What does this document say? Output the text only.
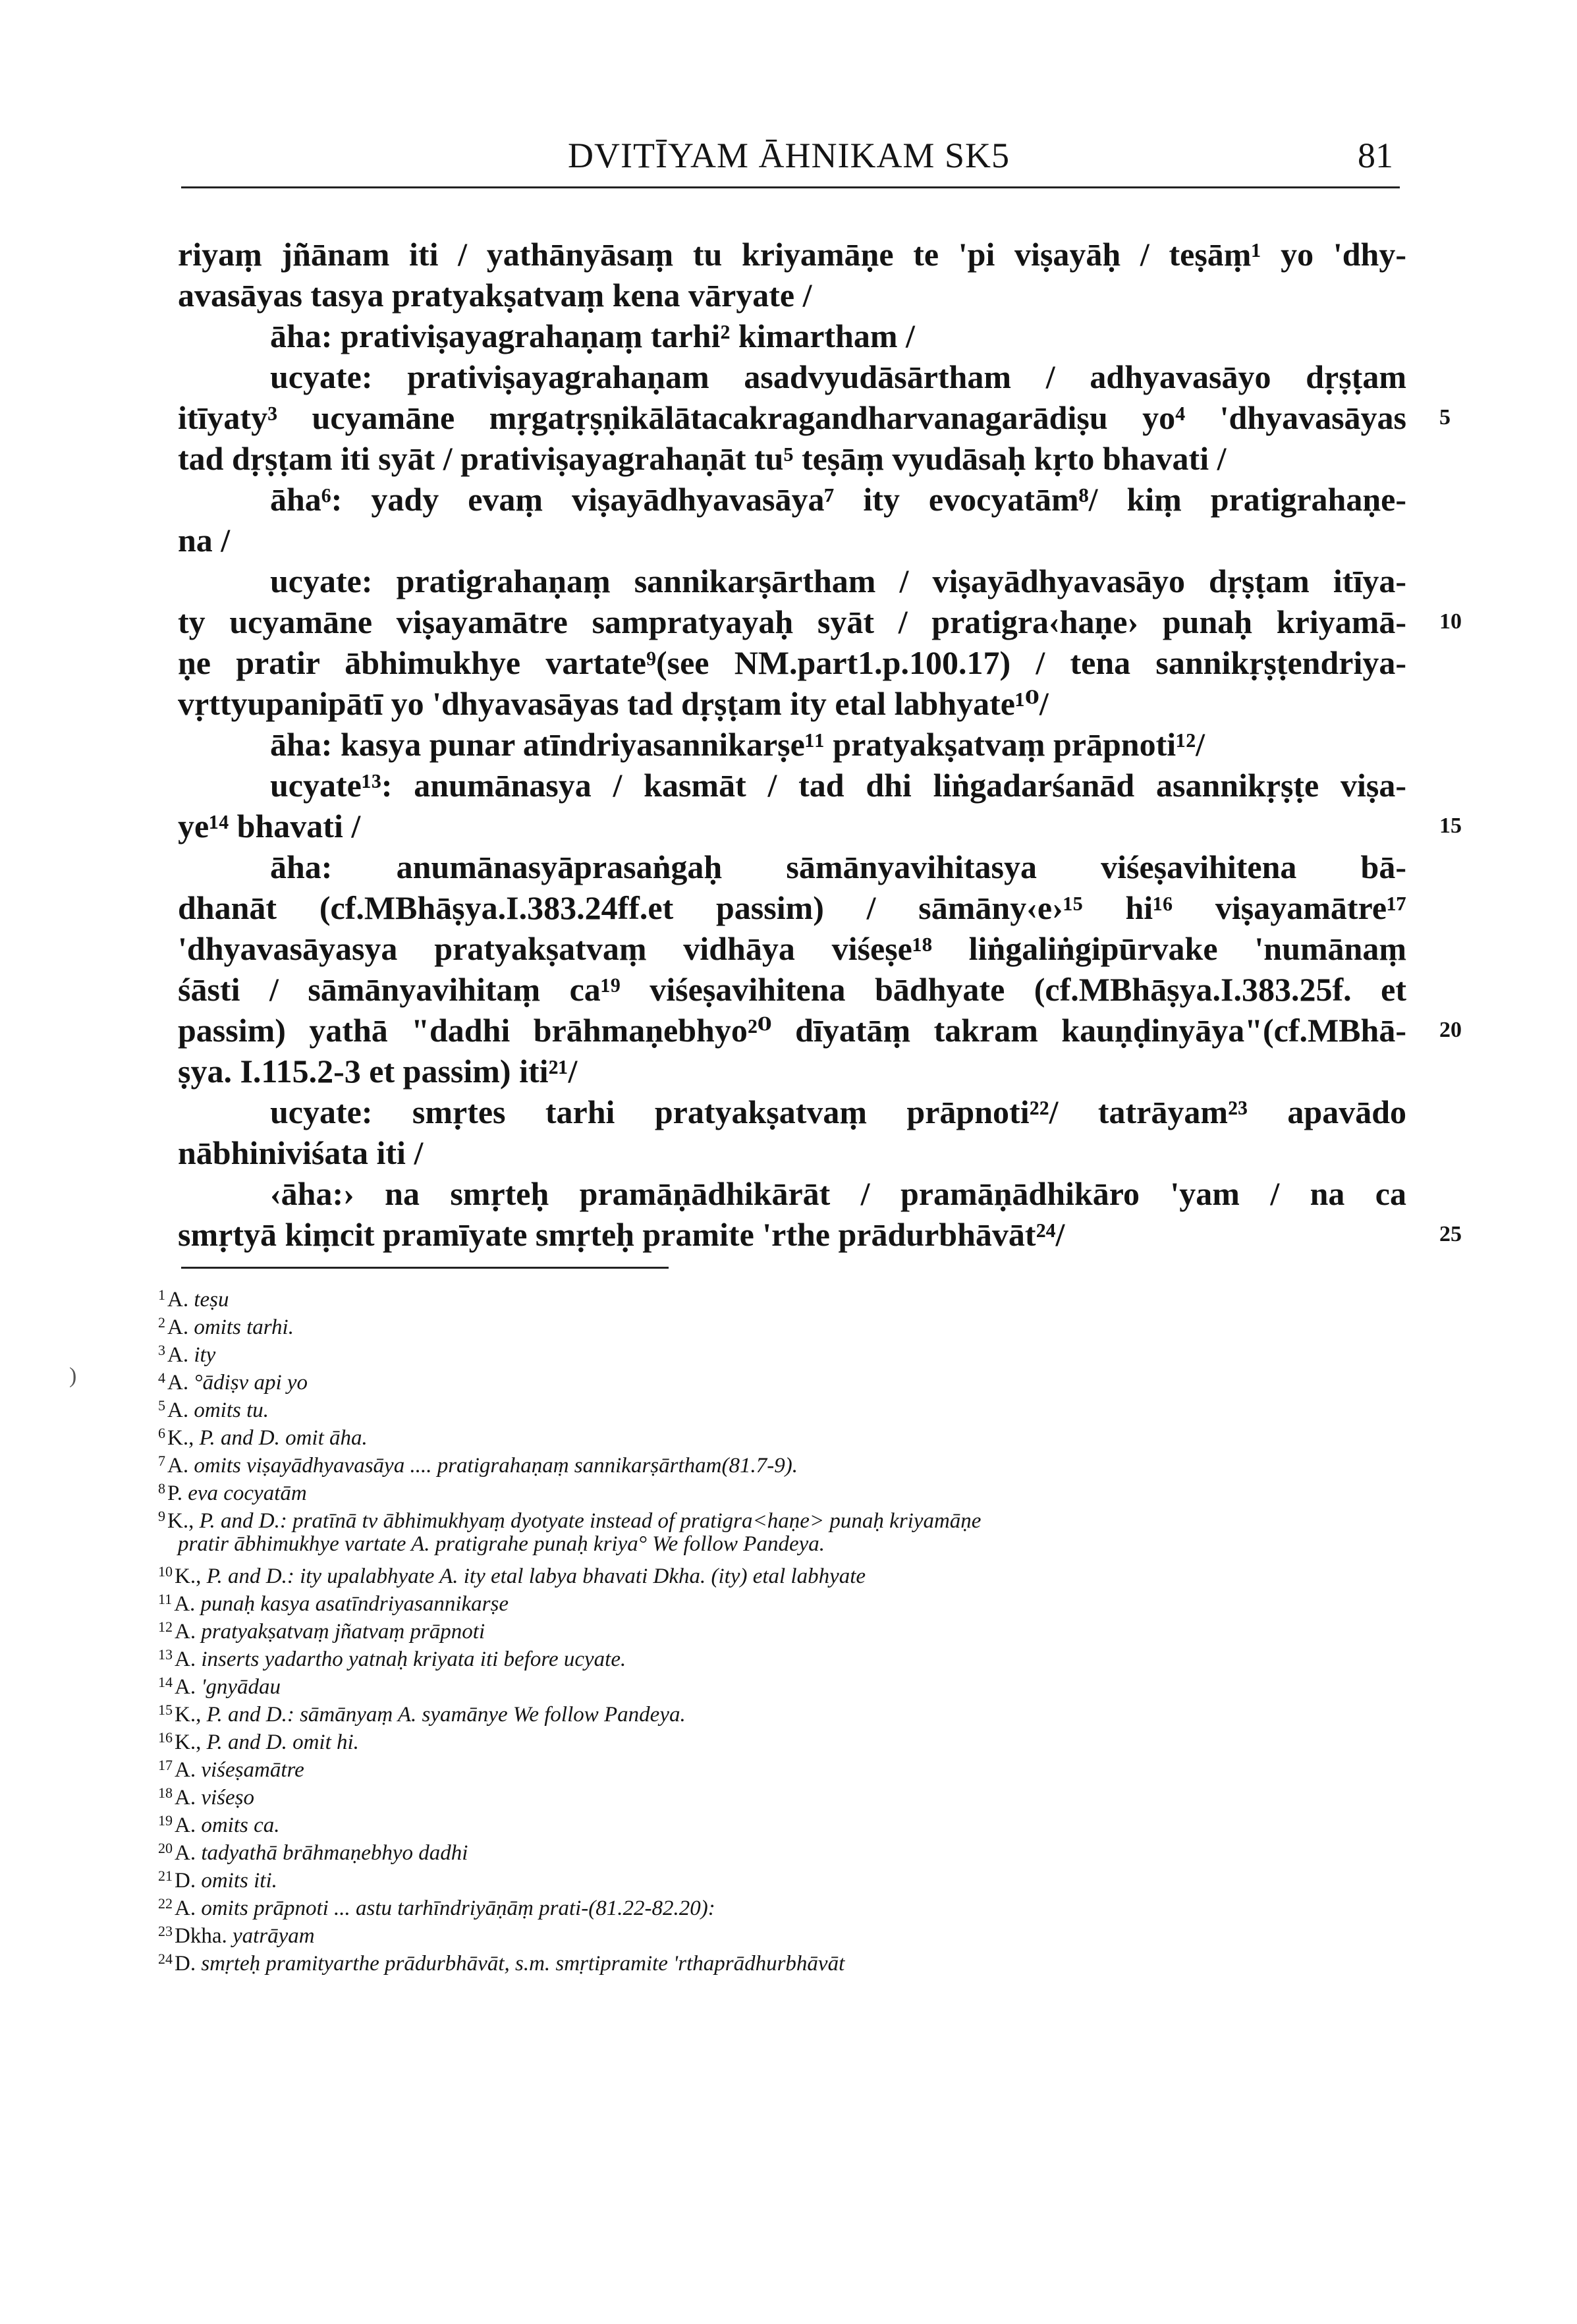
DVITĪYAM ĀHNIKAM SK5	81
riyaṃ jñānam iti / yathānyāsaṃ tu kriyamāṇe te 'pi viṣayāḥ / teṣāṃ¹ yo 'dhy-
avasāyas tasya pratyakṣatvaṃ kena vāryate /
āha: prativiṣayagrahaṇaṃ tarhi² kimartham /
ucyate: prativiṣayagrahaṇam asadvyudāsārtham / adhyavasāyo dṛṣṭam
itīyaty³ ucyamāne mṛgatṛṣṇikālātacakragandharvanagarādiṣu yo⁴ 'dhyavasāyas 5
tad dṛṣṭam iti syāt / prativiṣayagrahaṇāt tu⁵ teṣāṃ vyudāsaḥ kṛto bhavati /
āha⁶: yady evaṃ viṣayādhyavasāya⁷ ity evocyatām⁸/ kiṃ pratigrahaṇe-
na /
ucyate: pratigrahaṇaṃ sannikarṣārtham / viṣayādhyavasāyo dṛṣṭam itīya-
ty ucyamāne viṣayamātre sampratyayaḥ syāt / pratigra‹haṇe› punaḥ kriyamā- 10
ṇe pratir ābhimukhye vartate⁹(see NM.part1.p.100.17) / tena sannikṛṣṭendriya-
vṛttyupanipātī yo 'dhyavasāyas tad dṛṣṭam ity etal labhyate¹⁰/
āha: kasya punar atīndriyasannikarṣe¹¹ pratyakṣatvaṃ prāpnoti¹²/
ucyate¹³: anumānasya / kasmāt / tad dhi liṅgadarśanād asannikṛṣṭe viṣa-
ye¹⁴ bhavati /	15
āha: anumānasyāprasaṅgaḥ sāmānyavihitasya viśeṣavihitena bā-
dhanāt (cf.MBhāṣya.I.383.24ff.et passim) / sāmāny‹e›¹⁵ hi¹⁶ viṣayamātre¹⁷
'dhyavasāyasya pratyakṣatvaṃ vidhāya viśeṣe¹⁸ liṅgaliṅgipūrvake 'numānaṃ
śāsti / sāmānyavihitaṃ ca¹⁹ viśeṣavihitena bādhyate (cf.MBhāṣya.I.383.25f. et
passim) yathā "dadhi brāhmaṇebhyo²⁰ dīyatāṃ takram kauṇḍinyāya"(cf.MBhā- 20
ṣya. I.115.2-3 et passim) iti²¹/
ucyate: smṛtes tarhi pratyakṣatvaṃ prāpnoti²²/ tatrāyam²³ apavādo
nābhiniviśata iti /
‹āha:› na smṛteḥ pramāṇādhikārāt / pramāṇādhikāro 'yam / na ca
smṛtyā kiṃcit pramīyate smṛteḥ pramite 'rthe prādurbhāvāt²⁴/	25
$^1$A. teṣu
$^2$A. omits tarhi.
$^3$A. ity
$^4$A. °ādiṣv api yo
$^5$A. omits tu.
$^6$K., P. and D. omit āha.
$^7$A. omits viṣayādhyavasāya .... pratigrahaṇaṃ sannikarṣārtham(81.7-9).
$^8$P. eva cocyatām
$^9$K., P. and D.: pratīnā tv ābhimukhyaṃ dyotyate instead of pratigra<haṇe> punaḥ kriyamāṇe
pratir ābhimukhye vartate A. pratigrahe punaḥ kriya° We follow Pandeya.
$^{10}$K., P. and D.: ity upalabhyate A. ity etal labya bhavati Dkha. (ity) etal labhyate
$^{11}$A. punaḥ kasya asatīndriyasannikarṣe
$^{12}$A. pratyakṣatvaṃ jñatvaṃ prāpnoti
$^{13}$A. inserts yadartho yatnaḥ kriyata iti before ucyate.
$^{14}$A. 'gnyādau
$^{15}$K., P. and D.: sāmānyaṃ A. syamānye We follow Pandeya.
$^{16}$K., P. and D. omit hi.
$^{17}$A. viśeṣamātre
$^{18}$A. viśeṣo
$^{19}$A. omits ca.
$^{20}$A. tadyathā brāhmaṇebhyo dadhi
$^{21}$D. omits iti.
$^{22}$A. omits prāpnoti ... astu tarhīndriyāṇāṃ prati-(81.22-82.20):
$^{23}$Dkha. yatrāyam
$^{24}$D. smṛteḥ pramityarthe prādurbhāvāt, s.m. smṛtipramite 'rthaprādhurbhāvāt
)
